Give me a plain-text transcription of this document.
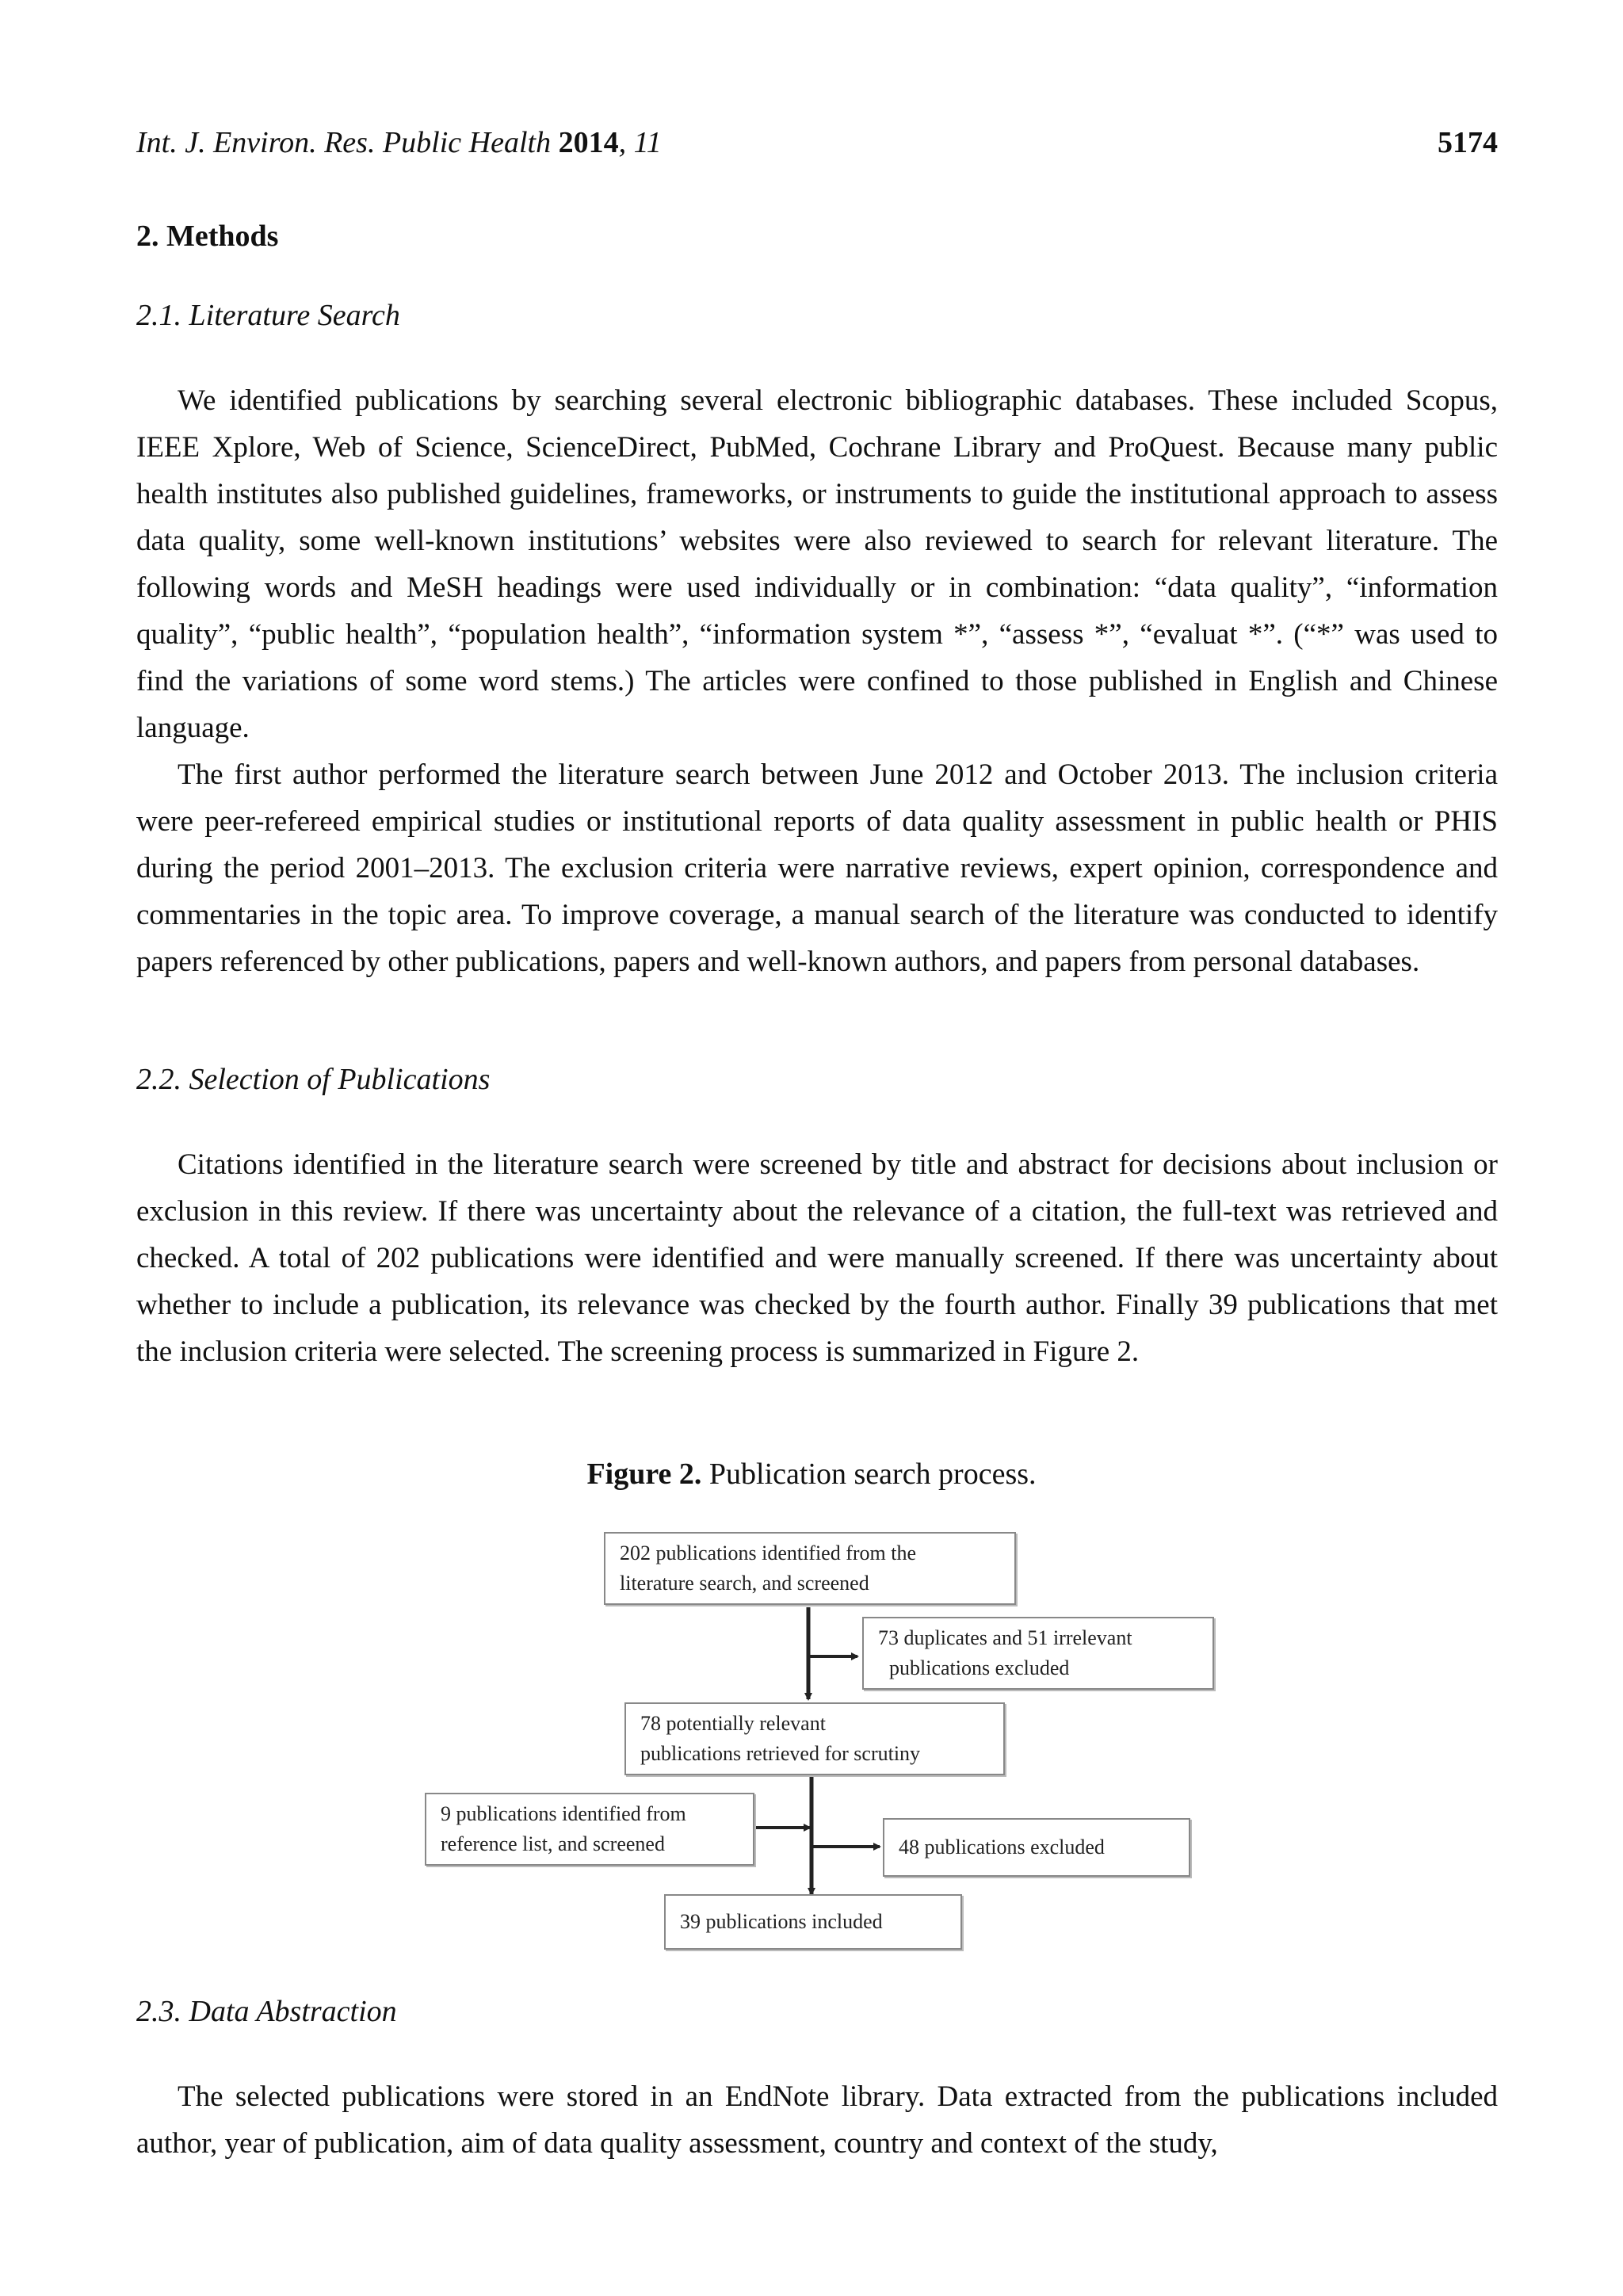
Int. J. Environ. Res. Public Health 2014, 11	5174
2. Methods
2.1. Literature Search

We identified publications by searching several electronic bibliographic databases. These included Scopus, IEEE Xplore, Web of Science, ScienceDirect, PubMed, Cochrane Library and ProQuest. Because many public health institutes also published guidelines, frameworks, or instruments to guide the institutional approach to assess data quality, some well-known institutions’ websites were also reviewed to search for relevant literature. The following words and MeSH headings were used individually or in combination: “data quality”, “information quality”, “public health”, “population health”, “information system *”, “assess *”, “evaluat *”. (“*” was used to find the variations of some word stems.) The articles were confined to those published in English and Chinese language.

The first author performed the literature search between June 2012 and October 2013. The inclusion criteria were peer-refereed empirical studies or institutional reports of data quality assessment in public health or PHIS during the period 2001–2013. The exclusion criteria were narrative reviews, expert opinion, correspondence and commentaries in the topic area. To improve coverage, a manual search of the literature was conducted to identify papers referenced by other publications, papers and well-known authors, and papers from personal databases.

2.2. Selection of Publications

Citations identified in the literature search were screened by title and abstract for decisions about inclusion or exclusion in this review. If there was uncertainty about the relevance of a citation, the full-text was retrieved and checked. A total of 202 publications were identified and were manually screened. If there was uncertainty about whether to include a publication, its relevance was checked by the fourth author. Finally 39 publications that met the inclusion criteria were selected. The screening process is summarized in Figure 2.

Figure 2. Publication search process.
202 publications identified from the
literature search, and screened
73 duplicates and 51 irrelevant
publications excluded
78 potentially relevant
publications retrieved for scrutiny
9 publications identified from
reference list, and screened	48 publications excluded
39 publications included
2.3. Data Abstraction

The selected publications were stored in an EndNote library. Data extracted from the publications included author, year of publication, aim of data quality assessment, country and context of the study,
